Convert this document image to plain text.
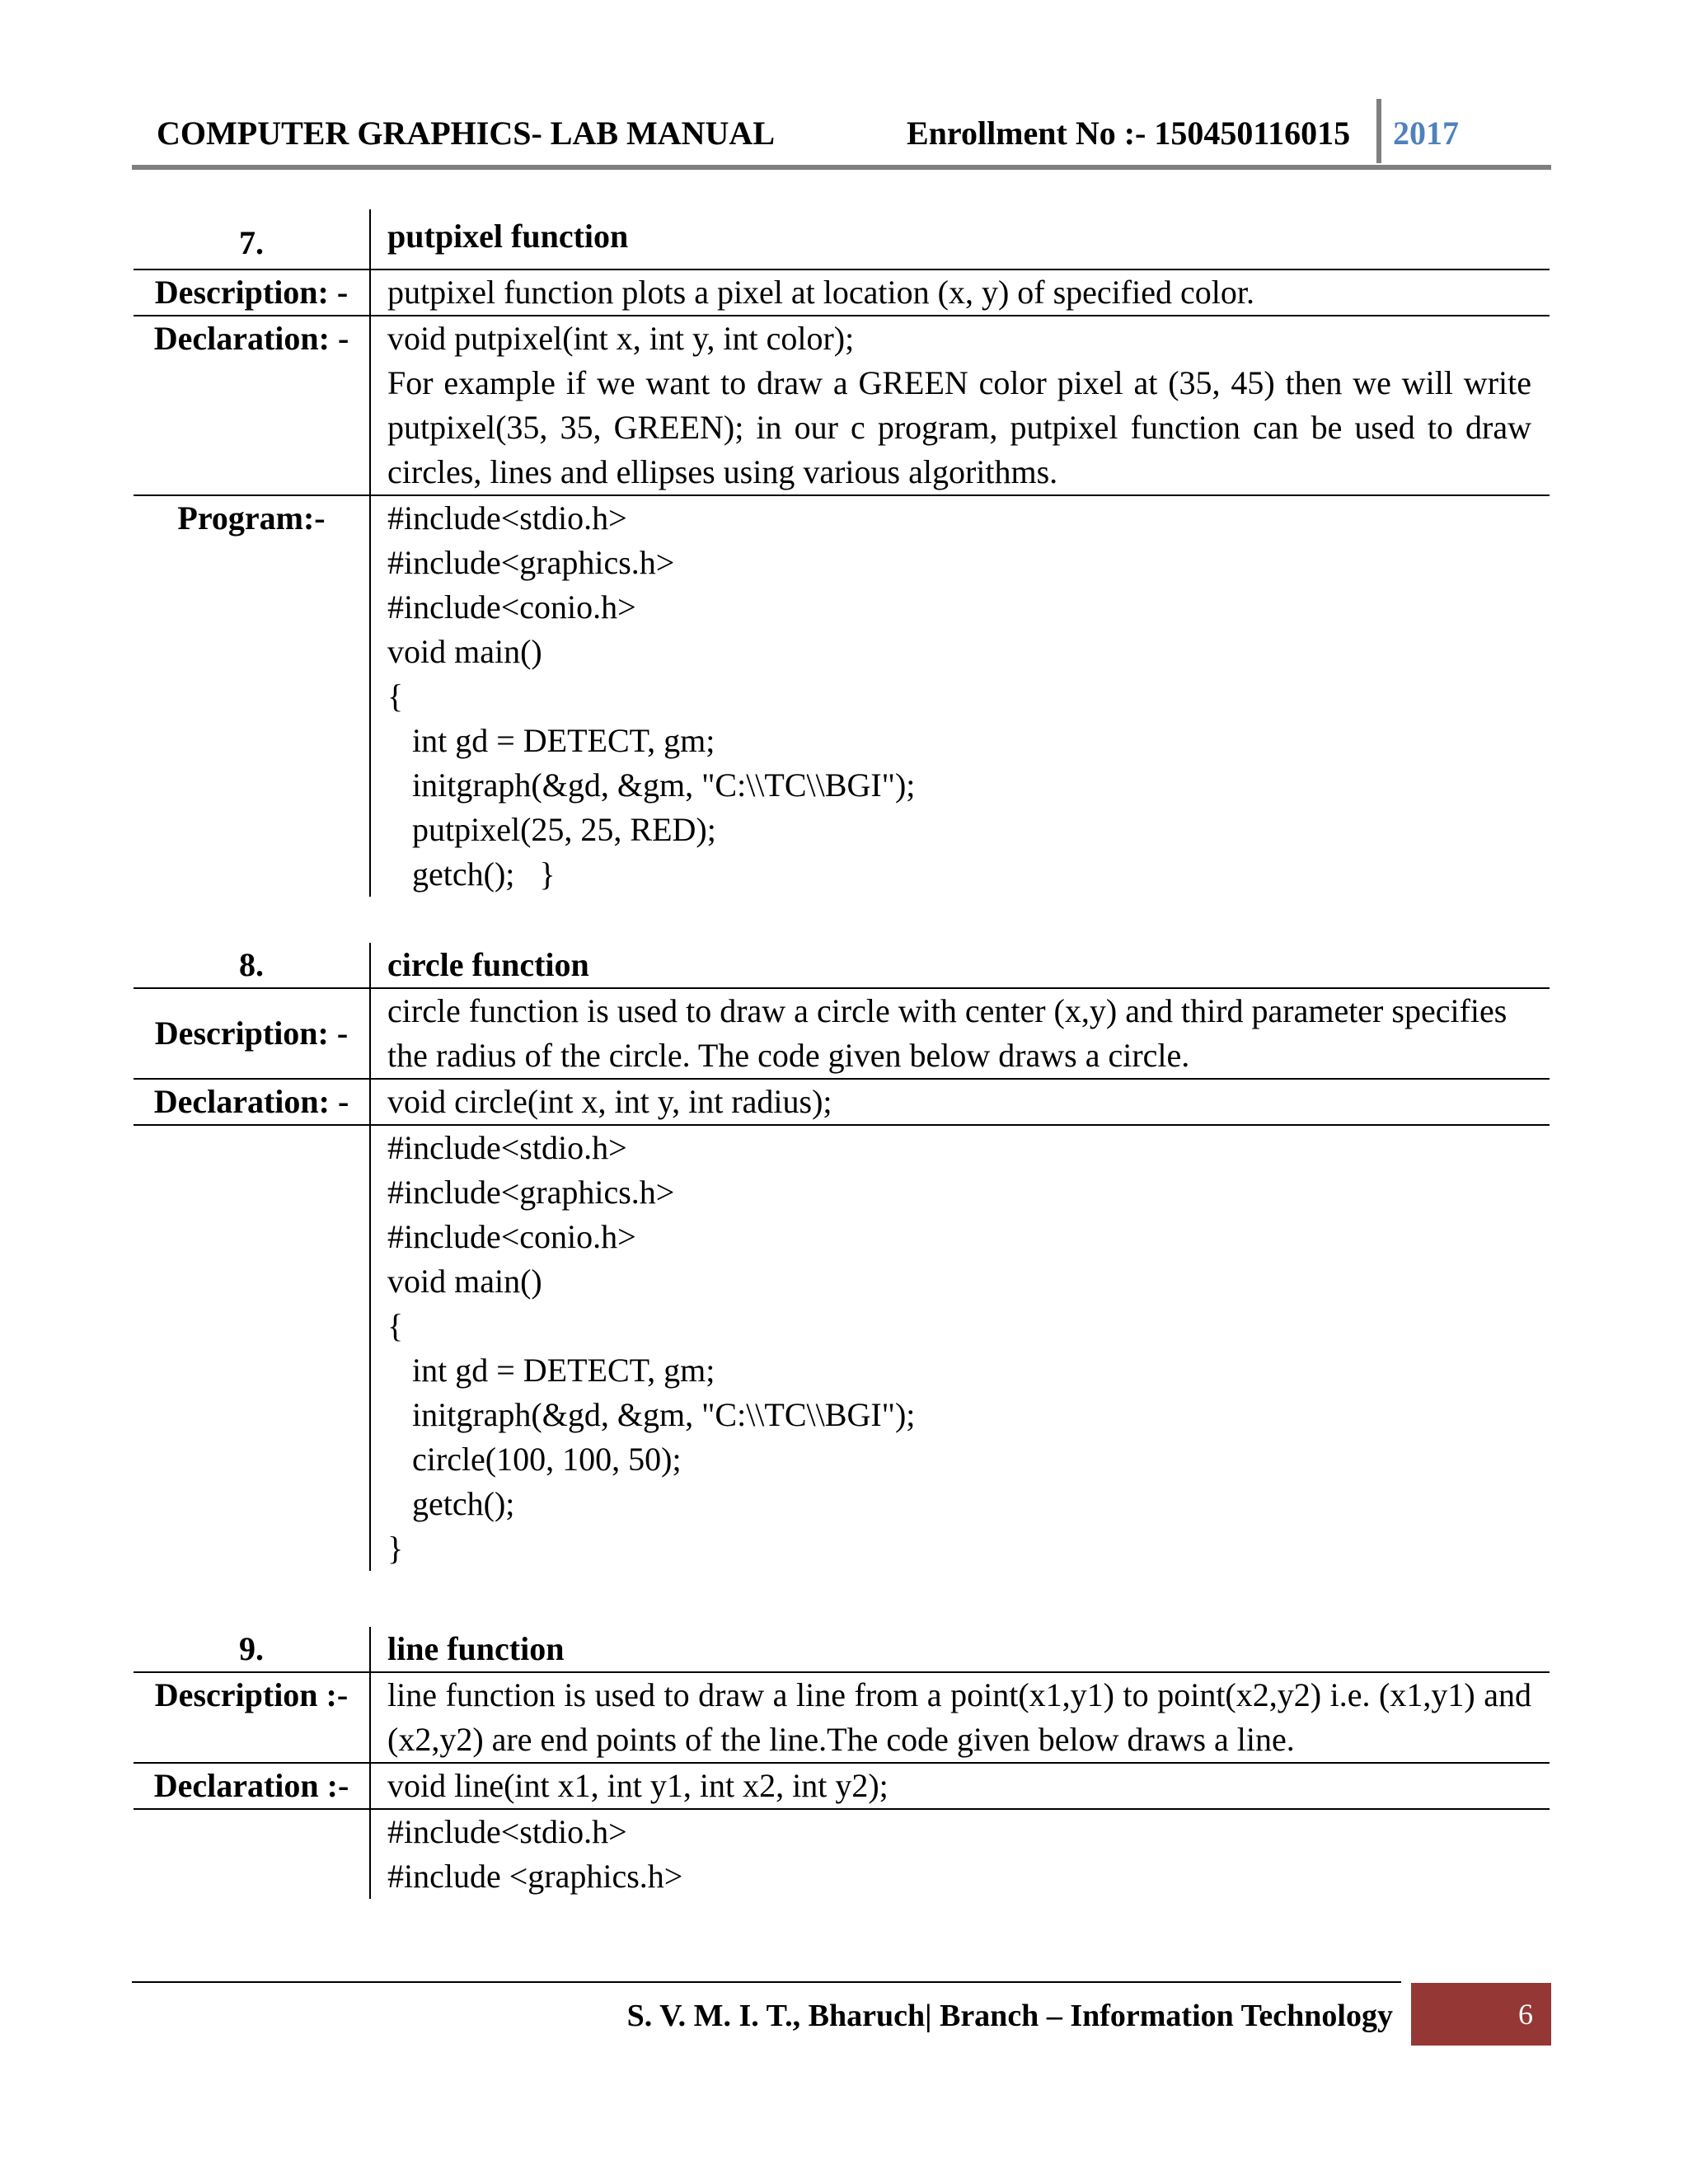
COMPUTER GRAPHICS- LAB MANUAL	Enrollment No :- 150450116015 2017
7.	putpixel function
Description: -	putpixel function plots a pixel at location (x, y) of specified color.
Declaration: -	void putpixel(int x, int y, int color);
For example if we want to draw a GREEN color pixel at (35, 45) then we will write putpixel(35, 35, GREEN); in our c program, putpixel function can be used to draw circles, lines and ellipses using various algorithms.
Program:-	#include<stdio.h>
#include<graphics.h>
#include<conio.h>
void main()
{
int gd = DETECT, gm;
initgraph(&gd, &gm, "C:\\TC\\BGI");
putpixel(25, 25, RED);
getch();   }
8.	circle function
Description: -
circle function is used to draw a circle with center (x,y) and third parameter specifies the radius of the circle. The code given below draws a circle.
Declaration: -	void circle(int x, int y, int radius);
#include<stdio.h>
#include<graphics.h>
#include<conio.h>
void main()
{
int gd = DETECT, gm;
initgraph(&gd, &gm, "C:\\TC\\BGI");
circle(100, 100, 50);
getch();
}
9.	line function
Description :-	line function is used to draw a line from a point(x1,y1) to point(x2,y2) i.e. (x1,y1) and (x2,y2) are end points of the line.The code given below draws a line.
Declaration :-	void line(int x1, int y1, int x2, int y2);
#include<stdio.h>
#include <graphics.h>
S. V. M. I. T., Bharuch| Branch – Information Technology	6
